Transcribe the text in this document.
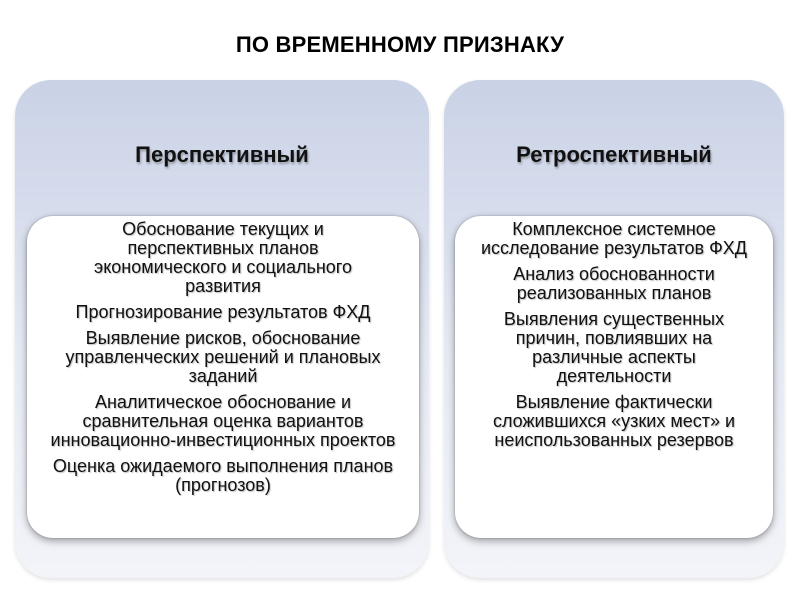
ПО ВРЕМЕННОМУ ПРИЗНАКУ
Перспективный
Обоснование текущих и перспективных планов экономического и социального развития
Прогнозирование результатов ФХД
Выявление рисков, обоснование управленческих решений и плановых заданий
Аналитическое обоснование и сравнительная оценка вариантов инновационно-инвестиционных проектов
Оценка ожидаемого выполнения планов (прогнозов)
Ретроспективный
Комплексное системное исследование результатов ФХД
Анализ обоснованности реализованных планов
Выявления существенных причин, повлиявших на различные аспекты деятельности
Выявление фактически сложившихся «узких мест» и неиспользованных резервов
